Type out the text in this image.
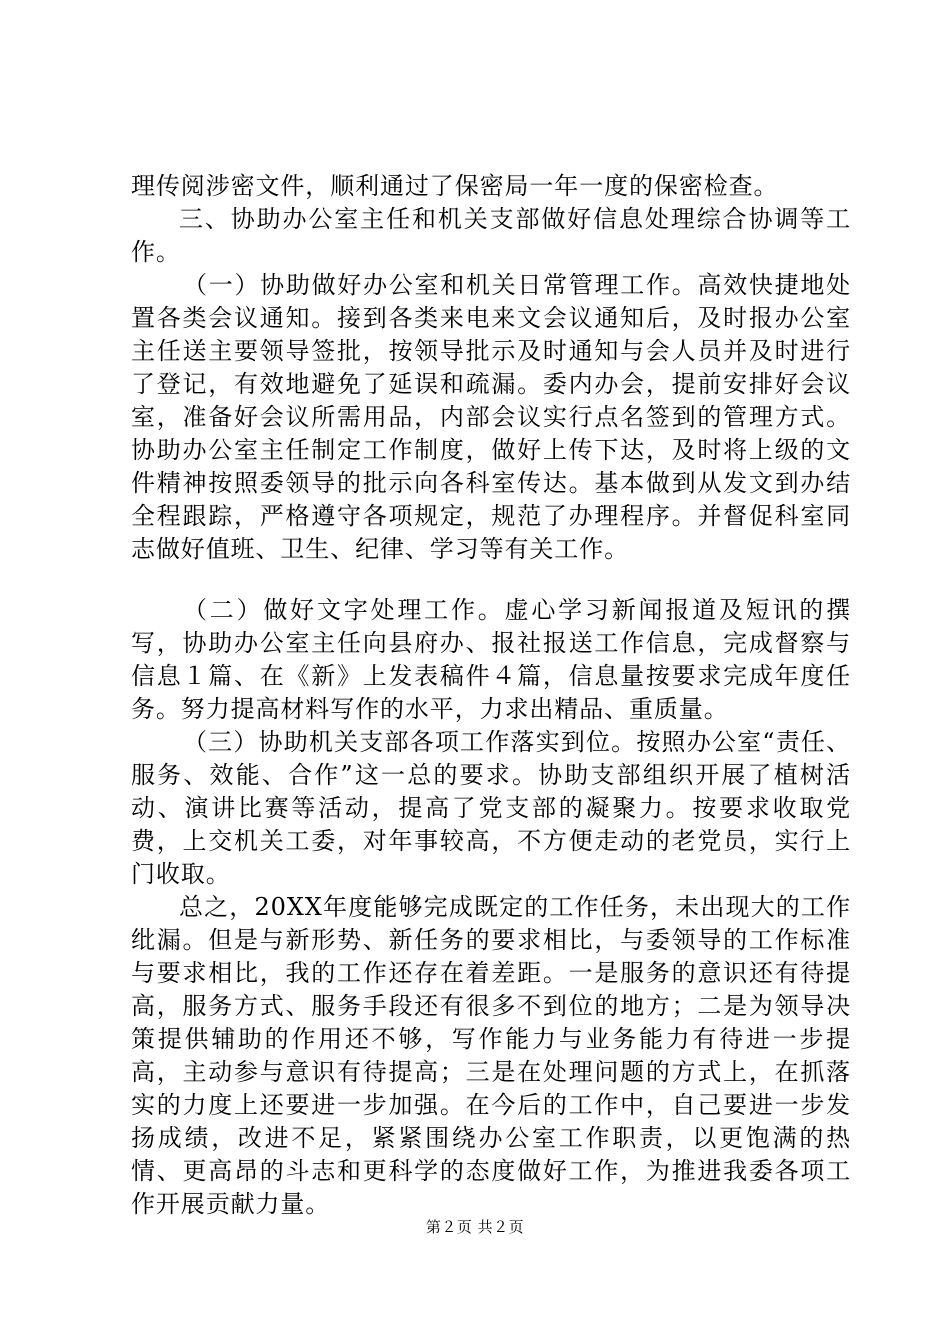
理传阅涉密文件，顺利通过了保密局一年一度的保密检查。

三、协助办公室主任和机关支部做好信息处理综合协调等工作。

（一）协助做好办公室和机关日常管理工作。高效快捷地处置各类会议通知。接到各类来电来文会议通知后，及时报办公室主任送主要领导签批，按领导批示及时通知与会人员并及时进行了登记，有效地避免了延误和疏漏。委内办会，提前安排好会议室，准备好会议所需用品，内部会议实行点名签到的管理方式。协助办公室主任制定工作制度，做好上传下达，及时将上级的文件精神按照委领导的批示向各科室传达。基本做到从发文到办结全程跟踪，严格遵守各项规定，规范了办理程序。并督促科室同志做好值班、卫生、纪律、学习等有关工作。

（二）做好文字处理工作。虚心学习新闻报道及短讯的撰写，协助办公室主任向县府办、报社报送工作信息，完成督察与信息１篇、在《新》上发表稿件４篇，信息量按要求完成年度任务。努力提高材料写作的水平，力求出精品、重质量。

（三）协助机关支部各项工作落实到位。按照办公室“责任、服务、效能、合作”这一总的要求。协助支部组织开展了植树活动、演讲比赛等活动，提高了党支部的凝聚力。按要求收取党费，上交机关工委，对年事较高，不方便走动的老党员，实行上门收取。

总之，20XX年度能够完成既定的工作任务，未出现大的工作纰漏。但是与新形势、新任务的要求相比，与委领导的工作标准与要求相比，我的工作还存在着差距。一是服务的意识还有待提高，服务方式、服务手段还有很多不到位的地方；二是为领导决策提供辅助的作用还不够，写作能力与业务能力有待进一步提高，主动参与意识有待提高；三是在处理问题的方式上，在抓落实的力度上还要进一步加强。在今后的工作中，自己要进一步发扬成绩，改进不足，紧紧围绕办公室工作职责，以更饱满的热情、更高昂的斗志和更科学的态度做好工作，为推进我委各项工作开展贡献力量。

第２页 共２页
